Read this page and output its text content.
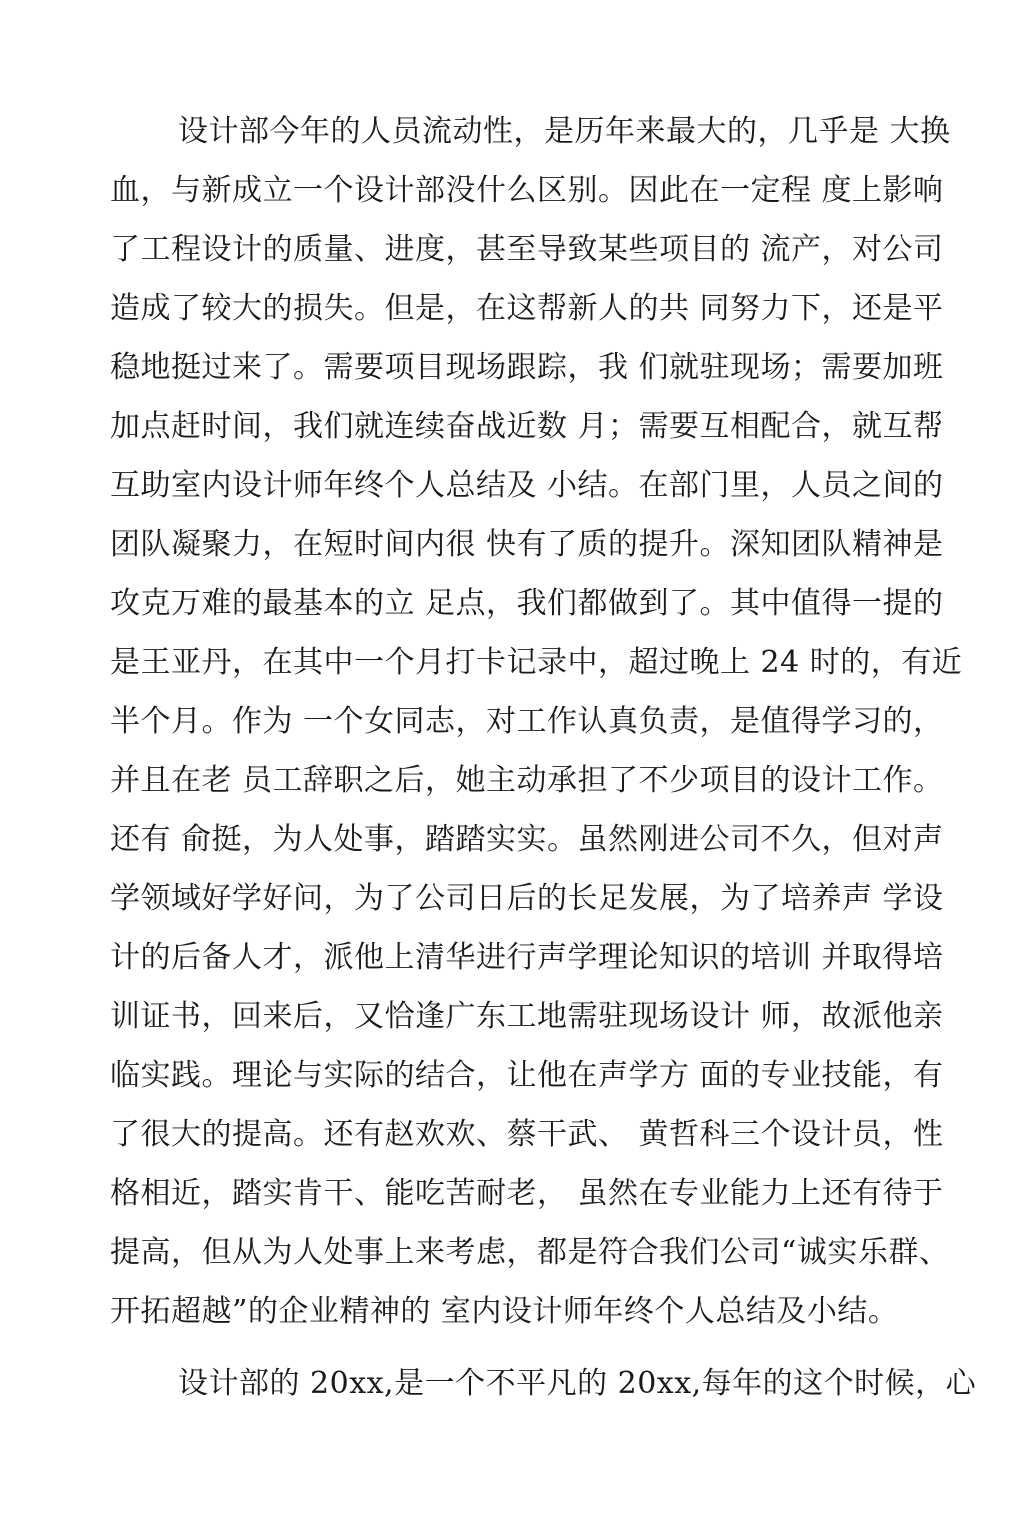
设计部今年的人员流动性，是历年来最大的，几乎是 大换
血，与新成立一个设计部没什么区别。因此在一定程 度上影响
了工程设计的质量、进度，甚至导致某些项目的 流产，对公司
造成了较大的损失。但是，在这帮新人的共 同努力下，还是平
稳地挺过来了。需要项目现场跟踪，我 们就驻现场；需要加班
加点赶时间，我们就连续奋战近数 月；需要互相配合，就互帮
互助室内设计师年终个人总结及 小结。在部门里，人员之间的
团队凝聚力，在短时间内很 快有了质的提升。深知团队精神是
攻克万难的最基本的立 足点，我们都做到了。其中值得一提的
是王亚丹，在其中一个月打卡记录中，超过晚上 24 时的，有近
半个月。作为 一个女同志，对工作认真负责，是值得学习的，
并且在老 员工辞职之后，她主动承担了不少项目的设计工作。
还有 俞挺，为人处事，踏踏实实。虽然刚进公司不久，但对声
学领域好学好问，为了公司日后的长足发展，为了培养声 学设
计的后备人才，派他上清华进行声学理论知识的培训 并取得培
训证书，回来后，又恰逢广东工地需驻现场设计 师，故派他亲
临实践。理论与实际的结合，让他在声学方 面的专业技能，有
了很大的提高。还有赵欢欢、蔡干武、 黄哲科三个设计员，性
格相近，踏实肯干、能吃苦耐老， 虽然在专业能力上还有待于
提高，但从为人处事上来考虑，都是符合我们公司“诚实乐群、
开拓超越”的企业精神的 室内设计师年终个人总结及小结。
设计部的 20xx,是一个不平凡的 20xx,每年的这个时候，心
